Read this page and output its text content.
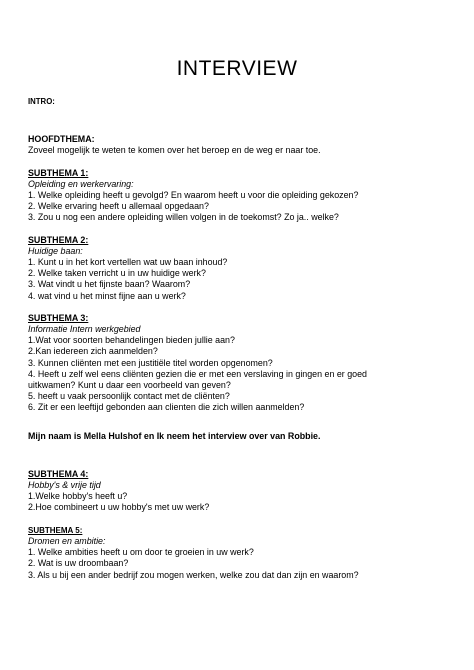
INTERVIEW
INTRO:
HOOFDTHEMA:
Zoveel mogelijk te weten te komen over het beroep en de weg er naar toe.
SUBTHEMA 1:
Opleiding en werkervaring:
1. Welke opleiding heeft u gevolgd? En waarom heeft u voor die opleiding gekozen?
2. Welke ervaring heeft u allemaal opgedaan?
3. Zou u nog een andere opleiding willen volgen in de toekomst? Zo ja.. welke?
SUBTHEMA 2:
Huidige baan:
1. Kunt u in het kort vertellen wat uw baan inhoud?
2. Welke taken verricht u in uw huidige werk?
3. Wat vindt u het fijnste baan? Waarom?
4. wat vind u het minst fijne aan u werk?
SUBTHEMA 3:
Informatie Intern werkgebied
1.Wat voor soorten behandelingen bieden jullie aan?
2.Kan iedereen zich aanmelden?
3. Kunnen cliënten met een justitiële titel worden opgenomen?
4. Heeft u zelf wel eens cliënten gezien die er met een verslaving in gingen en er goed
uitkwamen? Kunt u daar een voorbeeld van geven?
5. heeft u vaak persoonlijk contact met de cliënten?
6. Zit er een leeftijd gebonden aan clienten die zich willen aanmelden?
Mijn naam is Mella Hulshof en Ik neem het interview over van Robbie.
SUBTHEMA 4:
Hobby's & vrije tijd
1.Welke hobby's heeft u?
2.Hoe combineert u uw hobby's met uw werk?
SUBTHEMA 5:
Dromen en ambitie:
1. Welke ambities heeft u om door te groeien in uw werk?
2. Wat is uw droombaan?
3. Als u bij een ander bedrijf zou mogen werken, welke zou dat dan zijn en waarom?
